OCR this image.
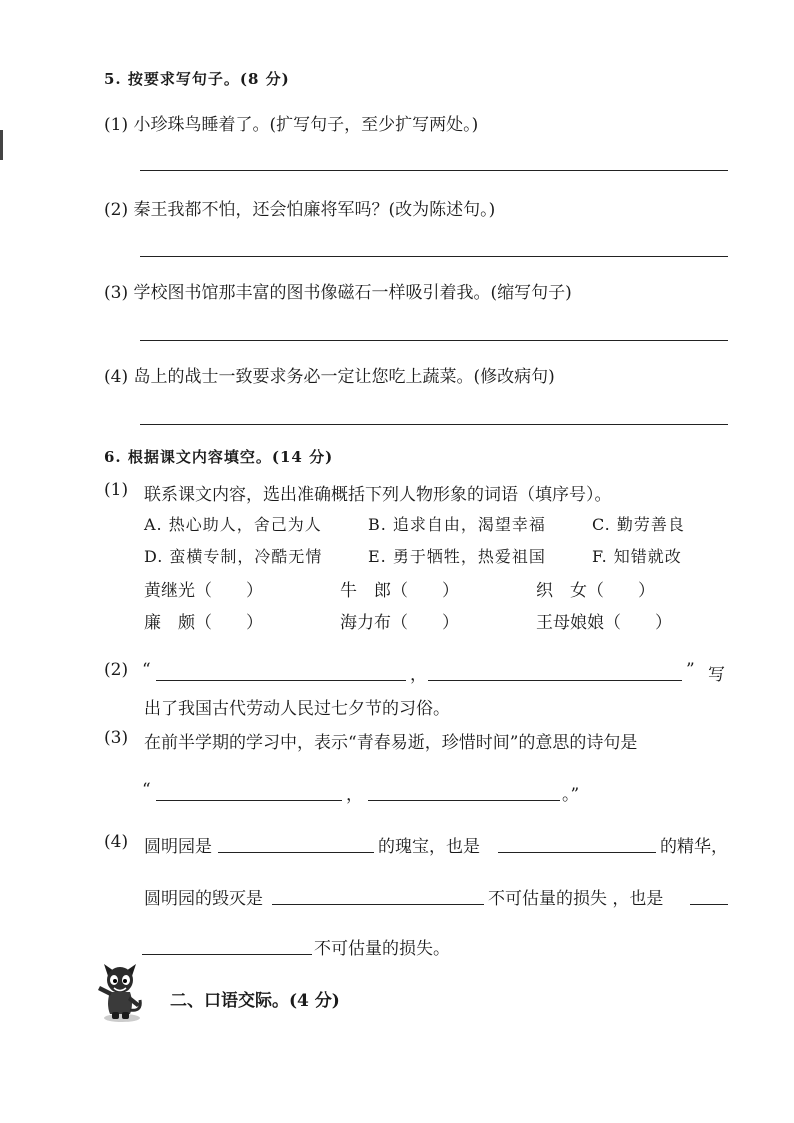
5. 按要求写句子。(8 分)
(1) 小珍珠鸟睡着了。(扩写句子，至少扩写两处。)
(2) 秦王我都不怕，还会怕廉将军吗？(改为陈述句。)
(3) 学校图书馆那丰富的图书像磁石一样吸引着我。(缩写句子)
(4) 岛上的战士一致要求务必一定让您吃上蔬菜。(修改病句)
6. 根据课文内容填空。(14 分)
(1) 联系课文内容，选出准确概括下列人物形象的词语（填序号）。
A. 热心助人，舍己为人	B. 追求自由，渴望幸福	C. 勤劳善良
D. 蛮横专制，冷酷无情	E. 勇于牺牲，热爱祖国	F. 知错就改
黄继光（　　）	牛　郎（　　）	织　女（　　）
廉　颇（　　）	海力布（　　）	王母娘娘（　　）
(2) “	，	” 写
出了我国古代劳动人民过七夕节的习俗。
(3) 在前半学期的学习中，表示“青春易逝，珍惜时间”的意思的诗句是
“	，	。”
(4) 圆明园是	的瑰宝，也是	的精华，
圆明园的毁灭是	不可估量的损失 ，也是
不可估量的损失。
二、口语交际。(4 分)
